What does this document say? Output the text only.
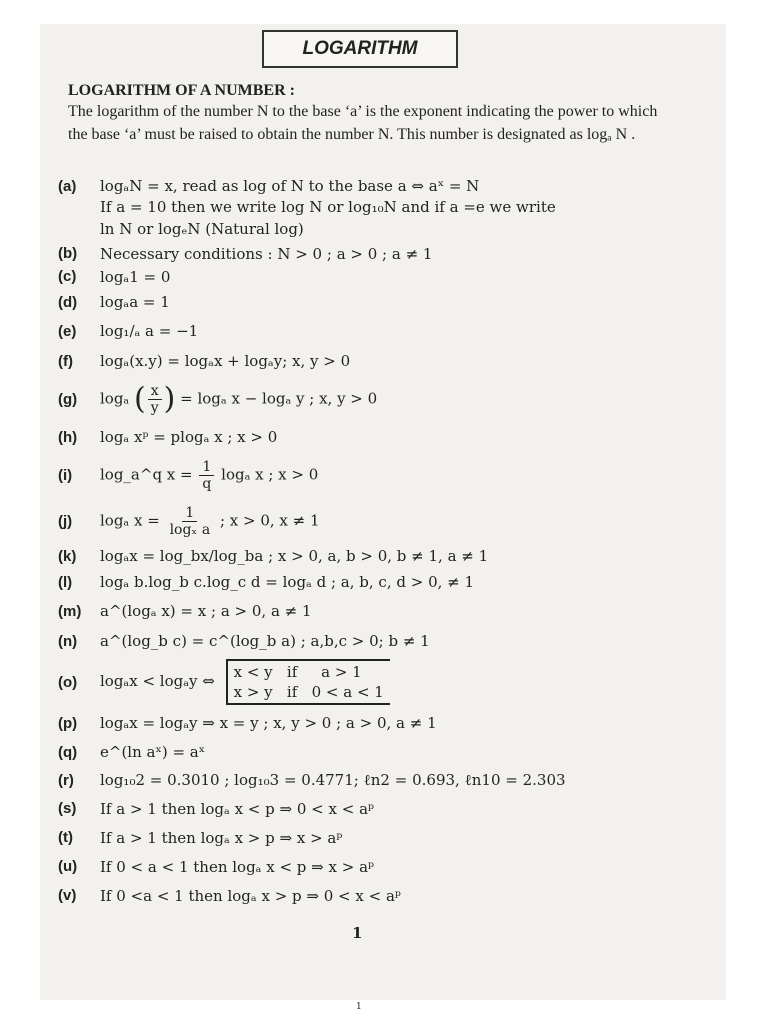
LOGARITHM
LOGARITHM OF A NUMBER :
The logarithm of the number N to the base ‘a’ is the exponent indicating the power to which the base ‘a’ must be raised to obtain the number N. This number is designated as logₐ N .
(a)	logₐN = x, read as log of N to the base a ⇔ aˣ = N
If a = 10 then we write log N or log₁₀N and if a =e we write
ln N or logₑN (Natural log)
(b)	Necessary conditions : N > 0 ; a > 0 ; a ≠ 1
(c)	logₐ1 = 0
(d)	logₐa = 1
(e)	log₁/ₐ a = −1
(f)	logₐ(x.y) = logₐx + logₐy; x, y > 0
(g)	logₐ ( $\frac{x}{y}$ ) = logₐ x − logₐ y ; x, y > 0
(h)	logₐ xᵖ = plogₐ x ; x > 0
(i)	log_a^q $x = \frac{1}{q}$ logₐ x ; x > 0
(j)	logₐ $x = \frac{1}{\text{logₓ a}}$ ; x > 0, x ≠ 1
(k)	logₐx = log_bx/log_ba ; x > 0, a, b > 0, b ≠ 1, a ≠ 1
(l)	logₐ b.log_b c.log_c d = logₐ d ; a, b, c, d > 0, ≠ 1
(m)	a^(logₐ x) = x ; a > 0, a ≠ 1
(n)	a^(log_b c) = c^(log_b a) ; a,b,c > 0; b ≠ 1
(o)	logₐx < logₐy ⇔ x < y   if     a > 1
x > y   if   0 < a < 1
(p)	logₐx = logₐy ⇒ x = y ; x, y > 0 ; a > 0, a ≠ 1
(q)	e^(ln aˣ) = aˣ
(r)	log₁₀2 = 0.3010 ; log₁₀3 = 0.4771; ℓn2 = 0.693, ℓn10 = 2.303
(s)	If a > 1 then logₐ x < p ⇒ 0 < x < aᵖ
(t)	If a > 1 then logₐ x > p ⇒ x > aᵖ
(u)	If 0 < a < 1 then logₐ x < p ⇒ x > aᵖ
(v)	If 0 <a < 1 then logₐ x > p ⇒ 0 < x < aᵖ
1
1
